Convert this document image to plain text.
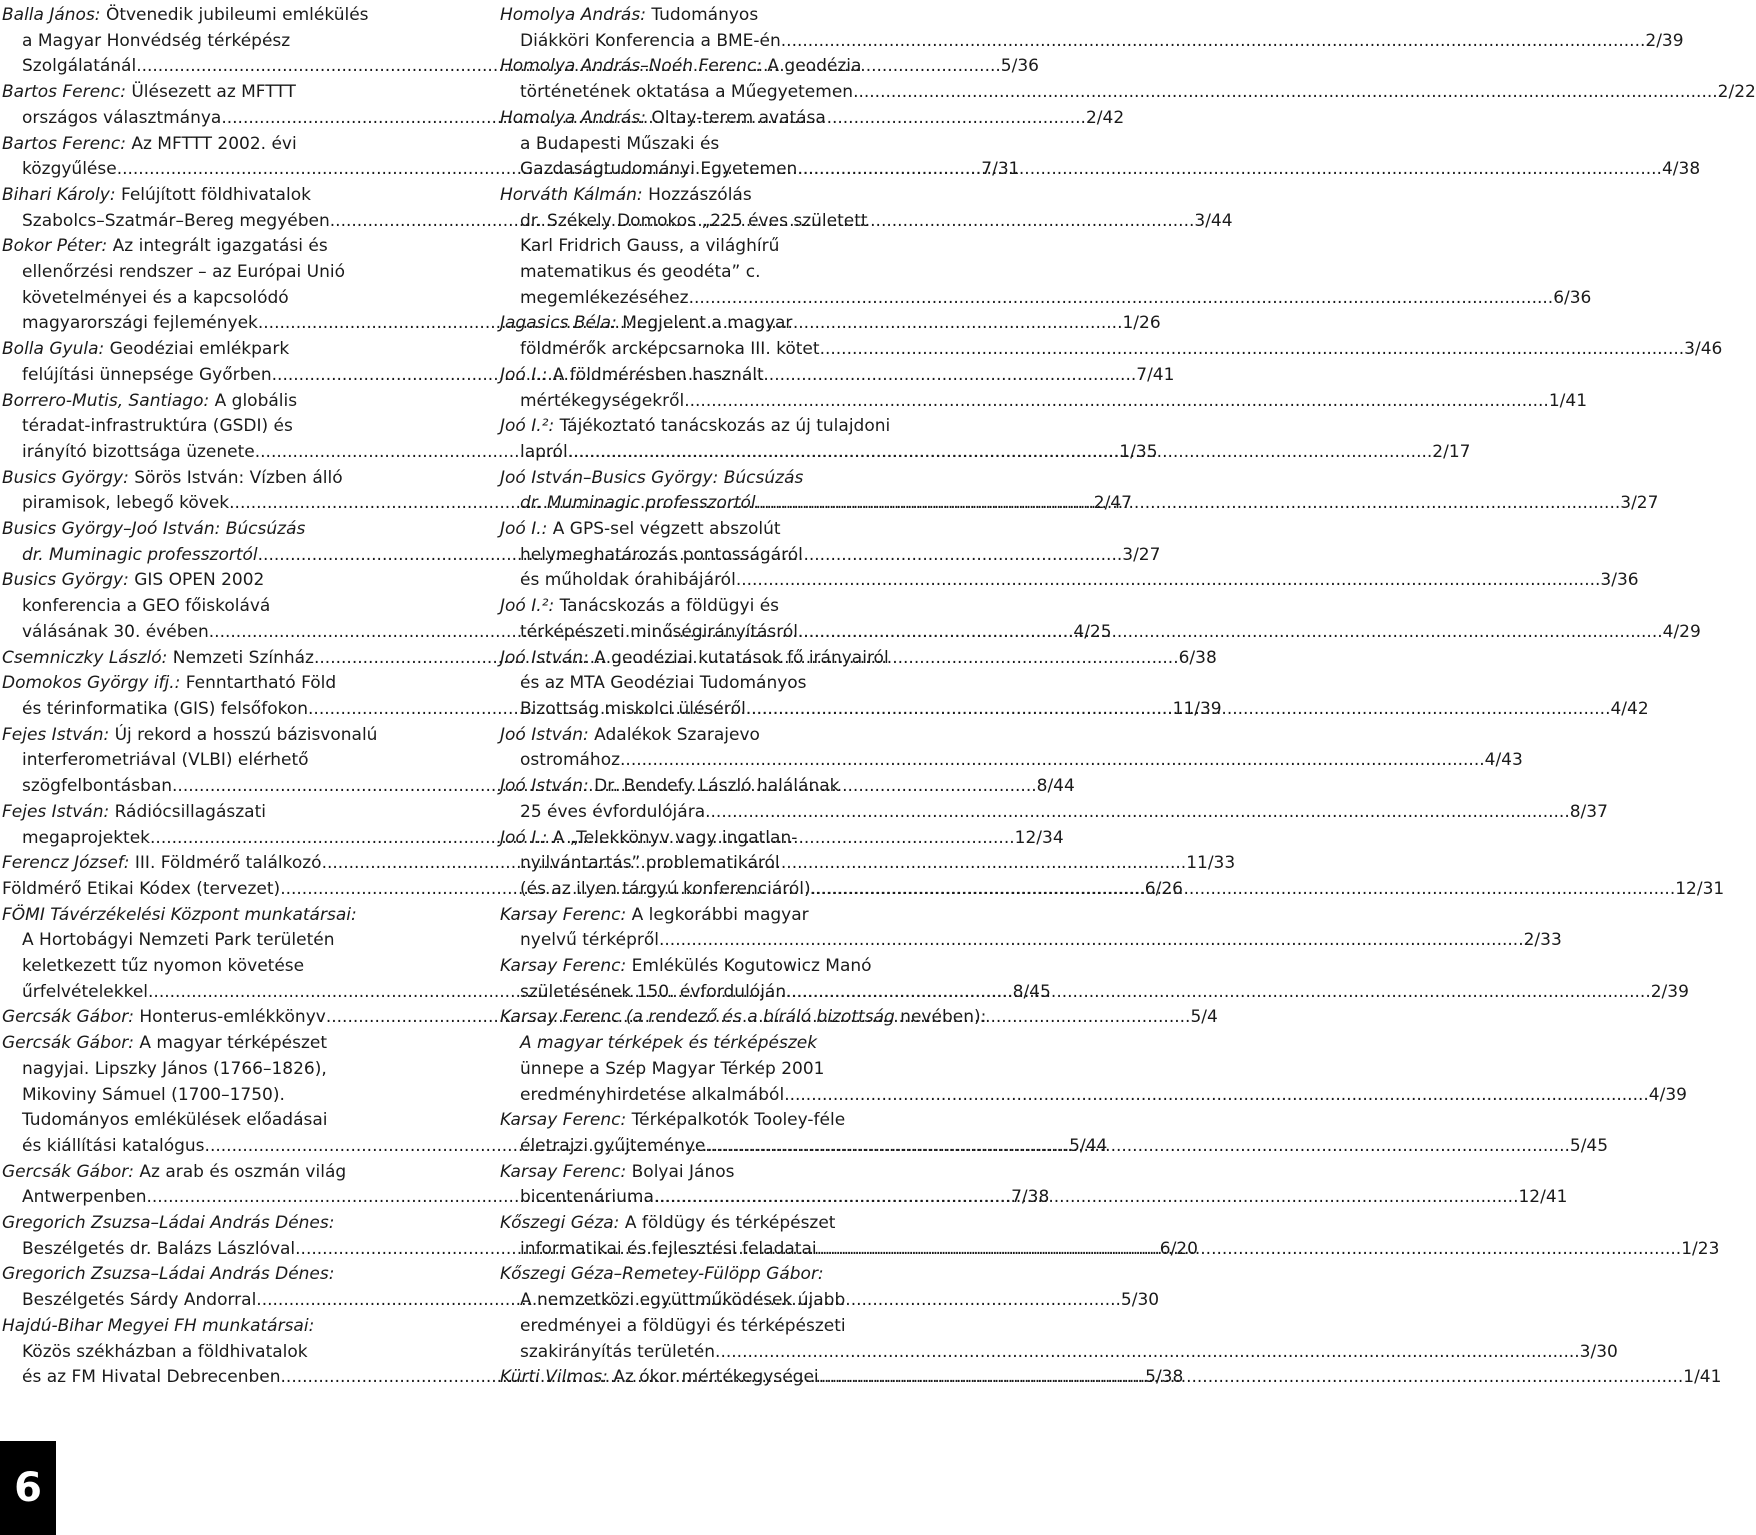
Balla János: Ötvenedik jubileumi emlékülés
a Magyar Honvédség térképész
Szolgálatánál .....	5/36
Bartos Ferenc: Ülésezett az MFTTT
országos választmánya .....	2/42
Bartos Ferenc: Az MFTTT 2002. évi
közgyűlése .....	7/31
Bihari Károly: Felújított földhivatalok
Szabolcs–Szatmár–Bereg megyében .....	3/44
Bokor Péter: Az integrált igazgatási és
ellenőrzési rendszer – az Európai Unió
követelményei és a kapcsolódó
magyarországi fejlemények .....	1/26
Bolla Gyula: Geodéziai emlékpark
felújítási ünnepsége Győrben .....	7/41
Borrero-Mutis, Santiago: A globális
téradat-infrastruktúra (GSDI) és
irányító bizottsága üzenete .....	1/35
Busics György: Sörös István: Vízben álló
piramisok, lebegő kövek .....	2/47
Busics György–Joó István: Búcsúzás
dr. Muminagic professzortól .....	3/27
Busics György: GIS OPEN 2002
konferencia a GEO főiskolává
válásának 30. évében .....	4/25
Csemniczky László: Nemzeti Színház .....	6/38
Domokos György ifj.: Fenntartható Föld
és térinformatika (GIS) felsőfokon .....	11/39
Fejes István: Új rekord a hosszú bázisvonalú
interferometriával (VLBI) elérhető
szögfelbontásban .....	8/44
Fejes István: Rádiócsillagászati
megaprojektek .....	12/34
Ferencz József: III. Földmérő találkozó .....	11/33
Földmérő Etikai Kódex (tervezet) .....	6/26
FÖMI Távérzékelési Központ munkatársai:
A Hortobágyi Nemzeti Park területén
keletkezett tűz nyomon követése
űrfelvételekkel .....	8/45
Gercsák Gábor: Honterus-emlékkönyv .....	5/4
Gercsák Gábor: A magyar térképészet
nagyjai. Lipszky János (1766–1826),
Mikoviny Sámuel (1700–1750).
Tudományos emlékülések előadásai
és kiállítási katalógus .....	5/44
Gercsák Gábor: Az arab és oszmán világ
Antwerpenben .....	7/38
Gregorich Zsuzsa–Ládai András Dénes:
Beszélgetés dr. Balázs Lászlóval .....	6/20
Gregorich Zsuzsa–Ládai András Dénes:
Beszélgetés Sárdy Andorral .....	5/30
Hajdú-Bihar Megyei FH munkatársai:
Közös székházban a földhivatalok
és az FM Hivatal Debrecenben .....	5/38
Homolya András: Tudományos
Diákköri Konferencia a BME-én .....	2/39
Homolya András–Noéh Ferenc: A geodézia
történetének oktatása a Műegyetemen .....	2/22
Homolya András: Oltay-terem avatása
a Budapesti Műszaki és
Gazdaságtudományi Egyetemen .....	4/38
Horváth Kálmán: Hozzászólás
dr. Székely Domokos „225 éves született
Karl Fridrich Gauss, a világhírű
matematikus és geodéta” c.
megemlékezéséhez .....	6/36
Jagasics Béla: Megjelent a magyar
földmérők arcképcsarnoka III. kötet .....	3/46
Joó I.: A földmérésben használt
mértékegységekről .....	1/41
Joó I.²: Tájékoztató tanácskozás az új tulajdoni
lapról .....	2/17
Joó István–Busics György: Búcsúzás
dr. Muminagic professzortól .....	3/27
Joó I.: A GPS-sel végzett abszolút
helymeghatározás pontosságáról
és műholdak órahibájáról .....	3/36
Joó I.²: Tanácskozás a földügyi és
térképészeti minőségirányításról .....	4/29
Joó István: A geodéziai kutatások fő irányairól
és az MTA Geodéziai Tudományos
Bizottság miskolci üléséről .....	4/42
Joó István: Adalékok Szarajevo
ostromához .....	4/43
Joó István: Dr. Bendefy László halálának
25 éves évfordulójára .....	8/37
Joó I.: A „Telekkönyv vagy ingatlan-
nyilvántartás” problematikáról
(és az ilyen tárgyú konferenciáról) .....	12/31
Karsay Ferenc: A legkorábbi magyar
nyelvű térképről .....	2/33
Karsay Ferenc: Emlékülés Kogutowicz Manó
születésének 150. évfordulóján .....	2/39
Karsay Ferenc (a rendező és a bíráló bizottság nevében):
A magyar térképek és térképészek
ünnepe a Szép Magyar Térkép 2001
eredményhirdetése alkalmából .....	4/39
Karsay Ferenc: Térképalkotók Tooley-féle
életrajzi gyűjteménye .....	5/45
Karsay Ferenc: Bolyai János
bicentenáriuma .....	12/41
Kőszegi Géza: A földügy és térképészet
informatikai és fejlesztési feladatai .....	1/23
Kőszegi Géza–Remetey-Fülöpp Gábor:
A nemzetközi együttműködések újabb
eredményei a földügyi és térképészeti
szakirányítás területén .....	3/30
Kürti Vilmos: Az ókor mértékegységei .....	1/41
6
